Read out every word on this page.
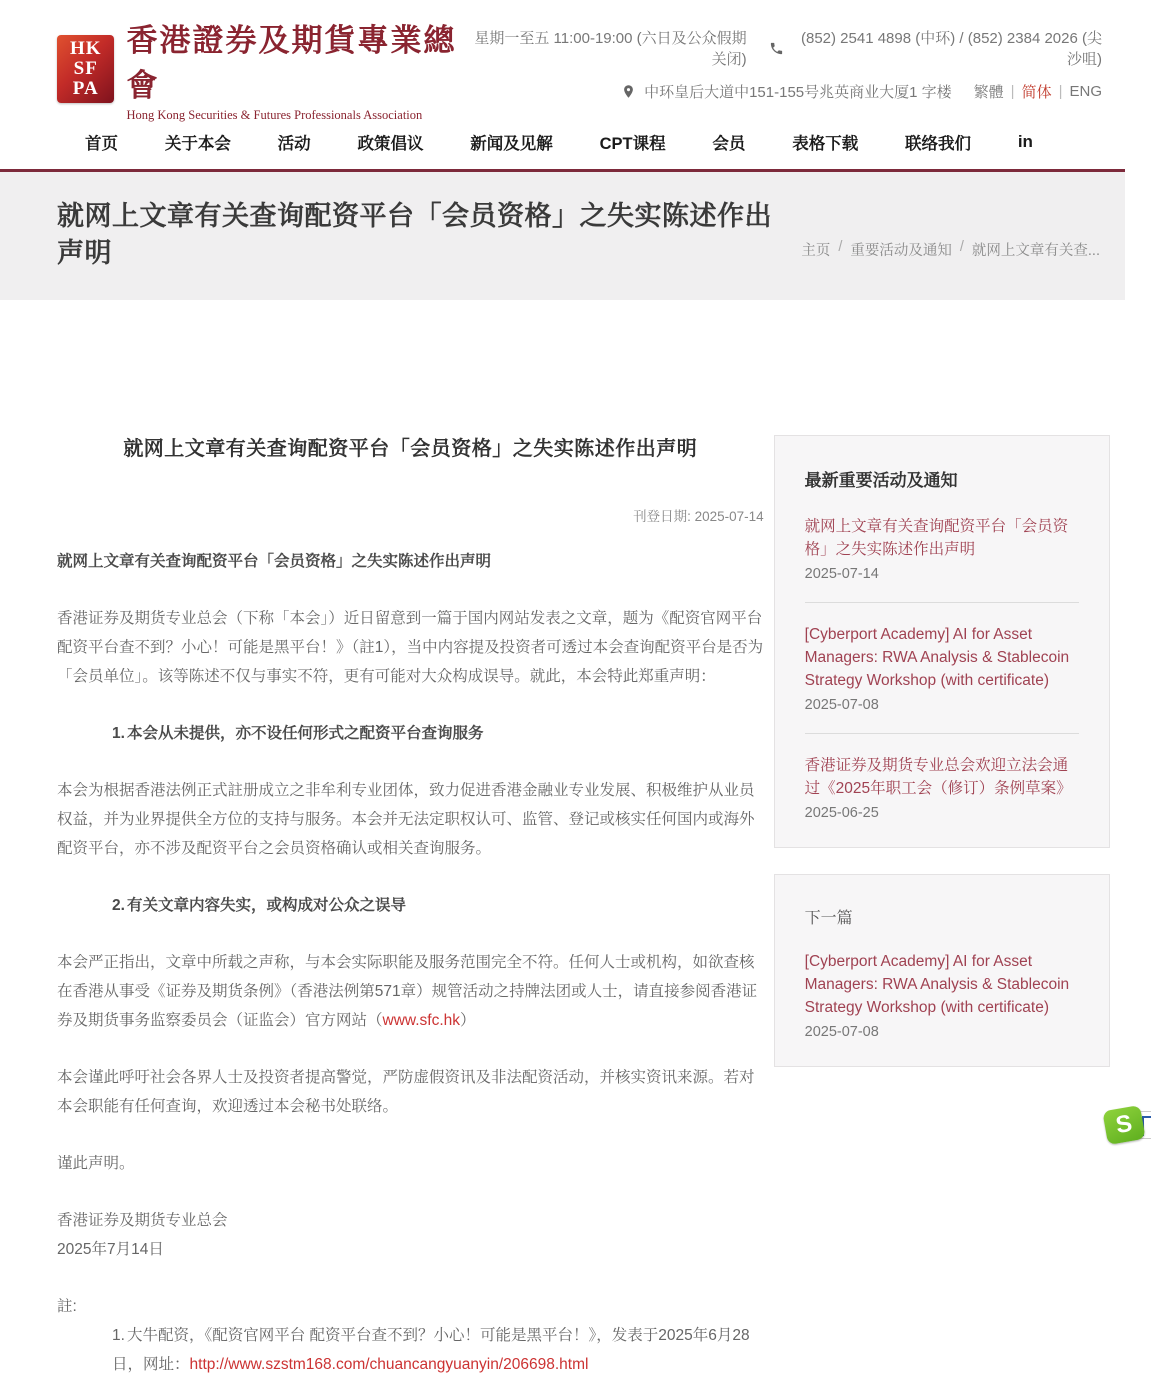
HK
SF
PA
香港證券及期貨專業總會
Hong Kong Securities & Futures Professionals Association
星期一至五 11:00-19:00 (六日及公众假期关闭)
(852) 2541 4898 (中环) / (852) 2384 2026 (尖沙咀)
中环皇后大道中151-155号兆英商业大厦1 字楼 繁體 | 简体 | ENG
首页	关于本会	活动	政策倡议	新闻及见解	CPT课程	会员	表格下载	联络我们	in
就网上文章有关查询配资平台「会员资格」之失实陈述作出声明	主页 / 重要活动及通知 / 就网上文章有关查...
就网上文章有关查询配资平台「会员资格」之失实陈述作出声明
刊登日期: 2025-07-14
就网上文章有关查询配资平台「会员资格」之失实陈述作出声明
香港证券及期货专业总会（下称「本会」）近日留意到一篇于国内网站发表之文章，题为《配资官网平台 配资平台查不到？小心！可能是黑平台！》（註1），当中内容提及投资者可透过本会查询配资平台是否为「会员单位」。该等陈述不仅与事实不符，更有可能对大众构成误导。就此，本会特此郑重声明：
1. 本会从未提供，亦不设任何形式之配资平台查询服务
本会为根据香港法例正式註册成立之非牟利专业团体，致力促进香港金融业专业发展、积极维护从业员权益，并为业界提供全方位的支持与服务。本会并无法定职权认可、监管、登记或核实任何国内或海外配资平台，亦不涉及配资平台之会员资格确认或相关查询服务。
2. 有关文章内容失实，或构成对公众之误导
本会严正指出，文章中所载之声称，与本会实际职能及服务范围完全不符。任何人士或机构，如欲查核在香港从事受《证券及期货条例》（香港法例第571章）规管活动之持牌法团或人士，请直接参阅香港证券及期货事务监察委员会（证监会）官方网站（www.sfc.hk）
本会谨此呼吁社会各界人士及投资者提高警觉，严防虚假资讯及非法配资活动，并核实资讯来源。若对本会职能有任何查询，欢迎透过本会秘书处联络。
谨此声明。
香港证券及期货专业总会
2025年7月14日
註:
1. 大牛配资，《配资官网平台 配资平台查不到？小心！可能是黑平台！》，发表于2025年6月28日，网址：http://www.szstm168.com/chuancangyuanyin/206698.html
最新重要活动及通知
就网上文章有关查询配资平台「会员资格」之失实陈述作出声明
2025-07-14
[Cyberport Academy] AI for Asset Managers: RWA Analysis & Stablecoin Strategy Workshop (with certificate)
2025-07-08
香港证券及期货专业总会欢迎立法会通过《2025年职工会（修订）条例草案》
2025-06-25
下一篇
[Cyberport Academy] AI for Asset Managers: RWA Analysis & Stablecoin Strategy Workshop (with certificate)
2025-07-08
S
